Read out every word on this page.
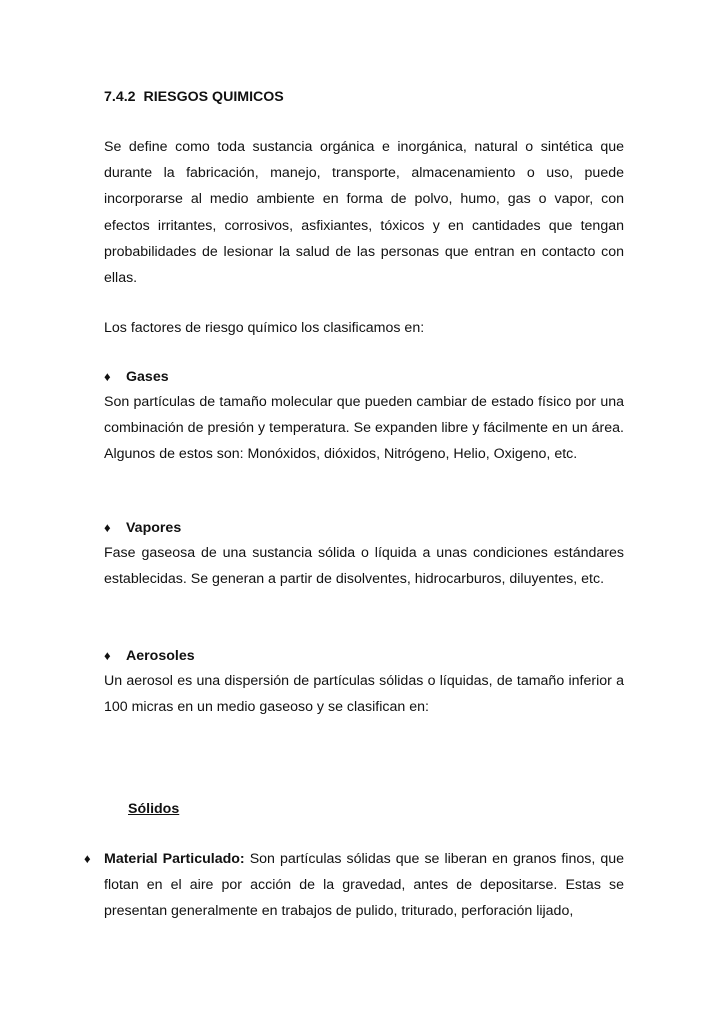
7.4.2 RIESGOS QUIMICOS

Se define como toda sustancia orgánica e inorgánica, natural o sintética que durante la fabricación, manejo, transporte, almacenamiento o uso, puede incorporarse al medio ambiente en forma de polvo, humo, gas o vapor, con efectos irritantes, corrosivos, asfixiantes, tóxicos y en cantidades que tengan probabilidades de lesionar la salud de las personas que entran en contacto con ellas.

Los factores de riesgo químico los clasificamos en:

♦	Gases

Son partículas de tamaño molecular que pueden cambiar de estado físico por una combinación de presión y temperatura. Se expanden libre y fácilmente en un área. Algunos de estos son: Monóxidos, dióxidos, Nitrógeno, Helio, Oxigeno, etc.

♦	Vapores

Fase gaseosa de una sustancia sólida o líquida a unas condiciones estándares establecidas. Se generan a partir de disolventes, hidrocarburos, diluyentes, etc.

♦	Aerosoles

Un aerosol es una dispersión de partículas sólidas o líquidas, de tamaño inferior a 100 micras en un medio gaseoso y se clasifican en:

Sólidos
♦ Material Particulado: Son partículas sólidas que se liberan en granos finos, que flotan en el aire por acción de la gravedad, antes de depositarse. Estas se presentan generalmente en trabajos de pulido, triturado, perforación lijado,
